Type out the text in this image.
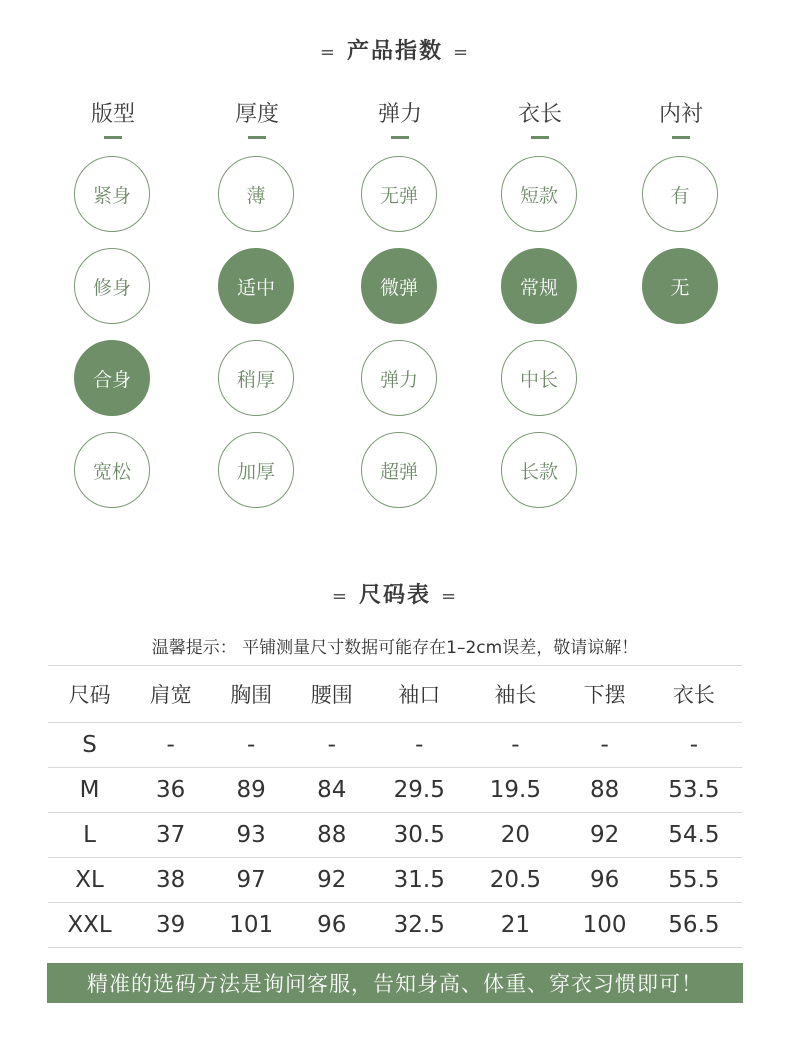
= 产品指数 =
版型
紧身
修身
合身
宽松
厚度
薄
适中
稍厚
加厚
弹力
无弹
微弹
弹力
超弹
衣长
短款
常规
中长
长款
内衬
有
无
= 尺码表 =
温馨提示： 平铺测量尺寸数据可能存在1–2cm误差，敬请谅解！
尺码	肩宽	胸围	腰围	袖口	袖长	下摆	衣长
S	-	-	-	-	-	-	-
M	36	89	84	29.5	19.5	88	53.5
L	37	93	88	30.5	20	92	54.5
XL	38	97	92	31.5	20.5	96	55.5
XXL	39	101	96	32.5	21	100	56.5
精准的选码方法是询问客服，告知身高、体重、穿衣习惯即可！
